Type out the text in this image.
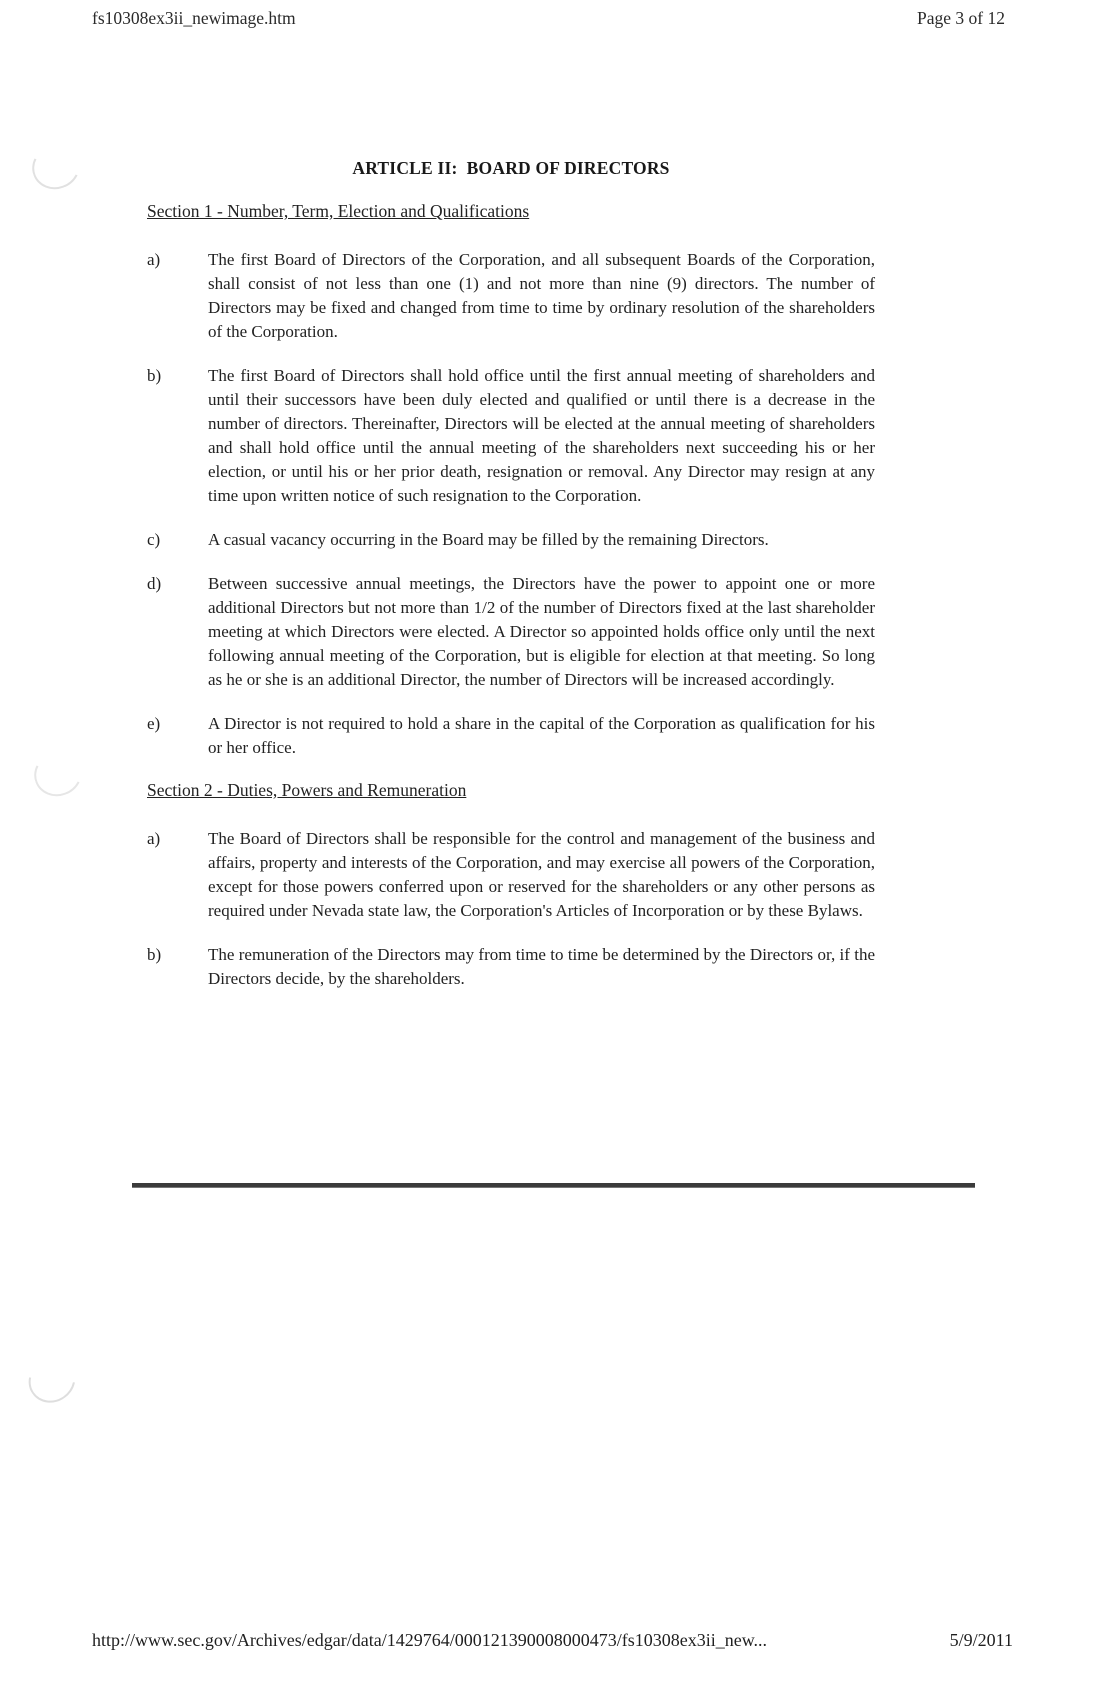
fs10308ex3ii_newimage.htm	Page 3 of 12
ARTICLE II:  BOARD OF DIRECTORS
Section 1 - Number, Term, Election and Qualifications
a)	The first Board of Directors of the Corporation, and all subsequent Boards of the Corporation, shall consist of not less than one (1) and not more than nine (9) directors. The number of Directors may be fixed and changed from time to time by ordinary resolution of the shareholders of the Corporation.
b)	The first Board of Directors shall hold office until the first annual meeting of shareholders and until their successors have been duly elected and qualified or until there is a decrease in the number of directors. Thereinafter, Directors will be elected at the annual meeting of shareholders and shall hold office until the annual meeting of the shareholders next succeeding his or her election, or until his or her prior death, resignation or removal. Any Director may resign at any time upon written notice of such resignation to the Corporation.
c)	A casual vacancy occurring in the Board may be filled by the remaining Directors.
d)	Between successive annual meetings, the Directors have the power to appoint one or more additional Directors but not more than 1/2 of the number of Directors fixed at the last shareholder meeting at which Directors were elected. A Director so appointed holds office only until the next following annual meeting of the Corporation, but is eligible for election at that meeting. So long as he or she is an additional Director, the number of Directors will be increased accordingly.
e)	A Director is not required to hold a share in the capital of the Corporation as qualification for his or her office.
Section 2 - Duties, Powers and Remuneration
a)	The Board of Directors shall be responsible for the control and management of the business and affairs, property and interests of the Corporation, and may exercise all powers of the Corporation, except for those powers conferred upon or reserved for the shareholders or any other persons as required under Nevada state law, the Corporation's Articles of Incorporation or by these Bylaws.
b)	The remuneration of the Directors may from time to time be determined by the Directors or, if the Directors decide, by the shareholders.
http://www.sec.gov/Archives/edgar/data/1429764/000121390008000473/fs10308ex3ii_new...	5/9/2011
